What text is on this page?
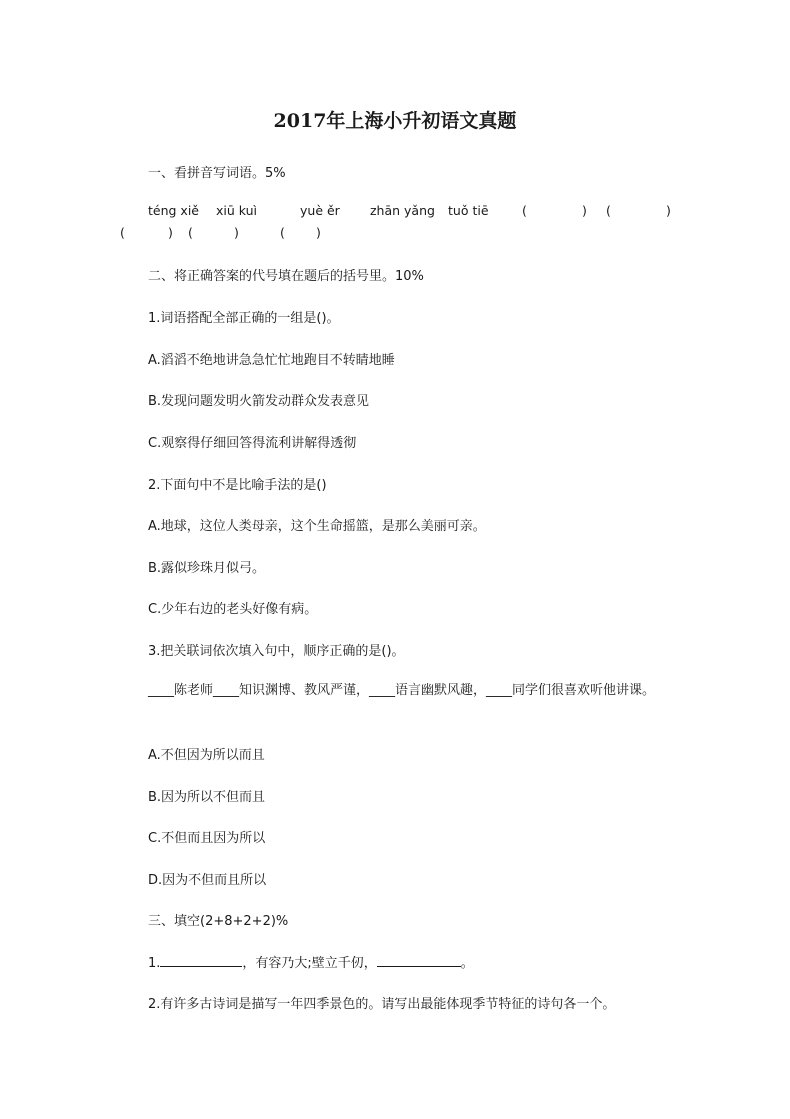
2017年上海小升初语文真题
一、看拼音写词语。5%
téng xiě xiū kuì	yuè ěr zhān yǎng tuǒ tiē	(	) (	)
(	) (	)	( )
二、将正确答案的代号填在题后的括号里。10%
1.词语搭配全部正确的一组是()。
A.滔滔不绝地讲急急忙忙地跑目不转睛地睡
B.发现问题发明火箭发动群众发表意见
C.观察得仔细回答得流利讲解得透彻
2.下面句中不是比喻手法的是()
A.地球，这位人类母亲，这个生命摇篮，是那么美丽可亲。
B.露似珍珠月似弓。
C.少年右边的老头好像有病。
3.把关联词依次填入句中，顺序正确的是()。
____陈老师____知识渊博、教风严谨，____语言幽默风趣，____同学们很喜欢听他讲课。
A.不但因为所以而且
B.因为所以不但而且
C.不但而且因为所以
D.因为不但而且所以
三、填空(2+8+2+2)%
1.	，有容乃大;壁立千仞，	。
2.有许多古诗词是描写一年四季景色的。请写出最能体现季节特征的诗句各一个。
